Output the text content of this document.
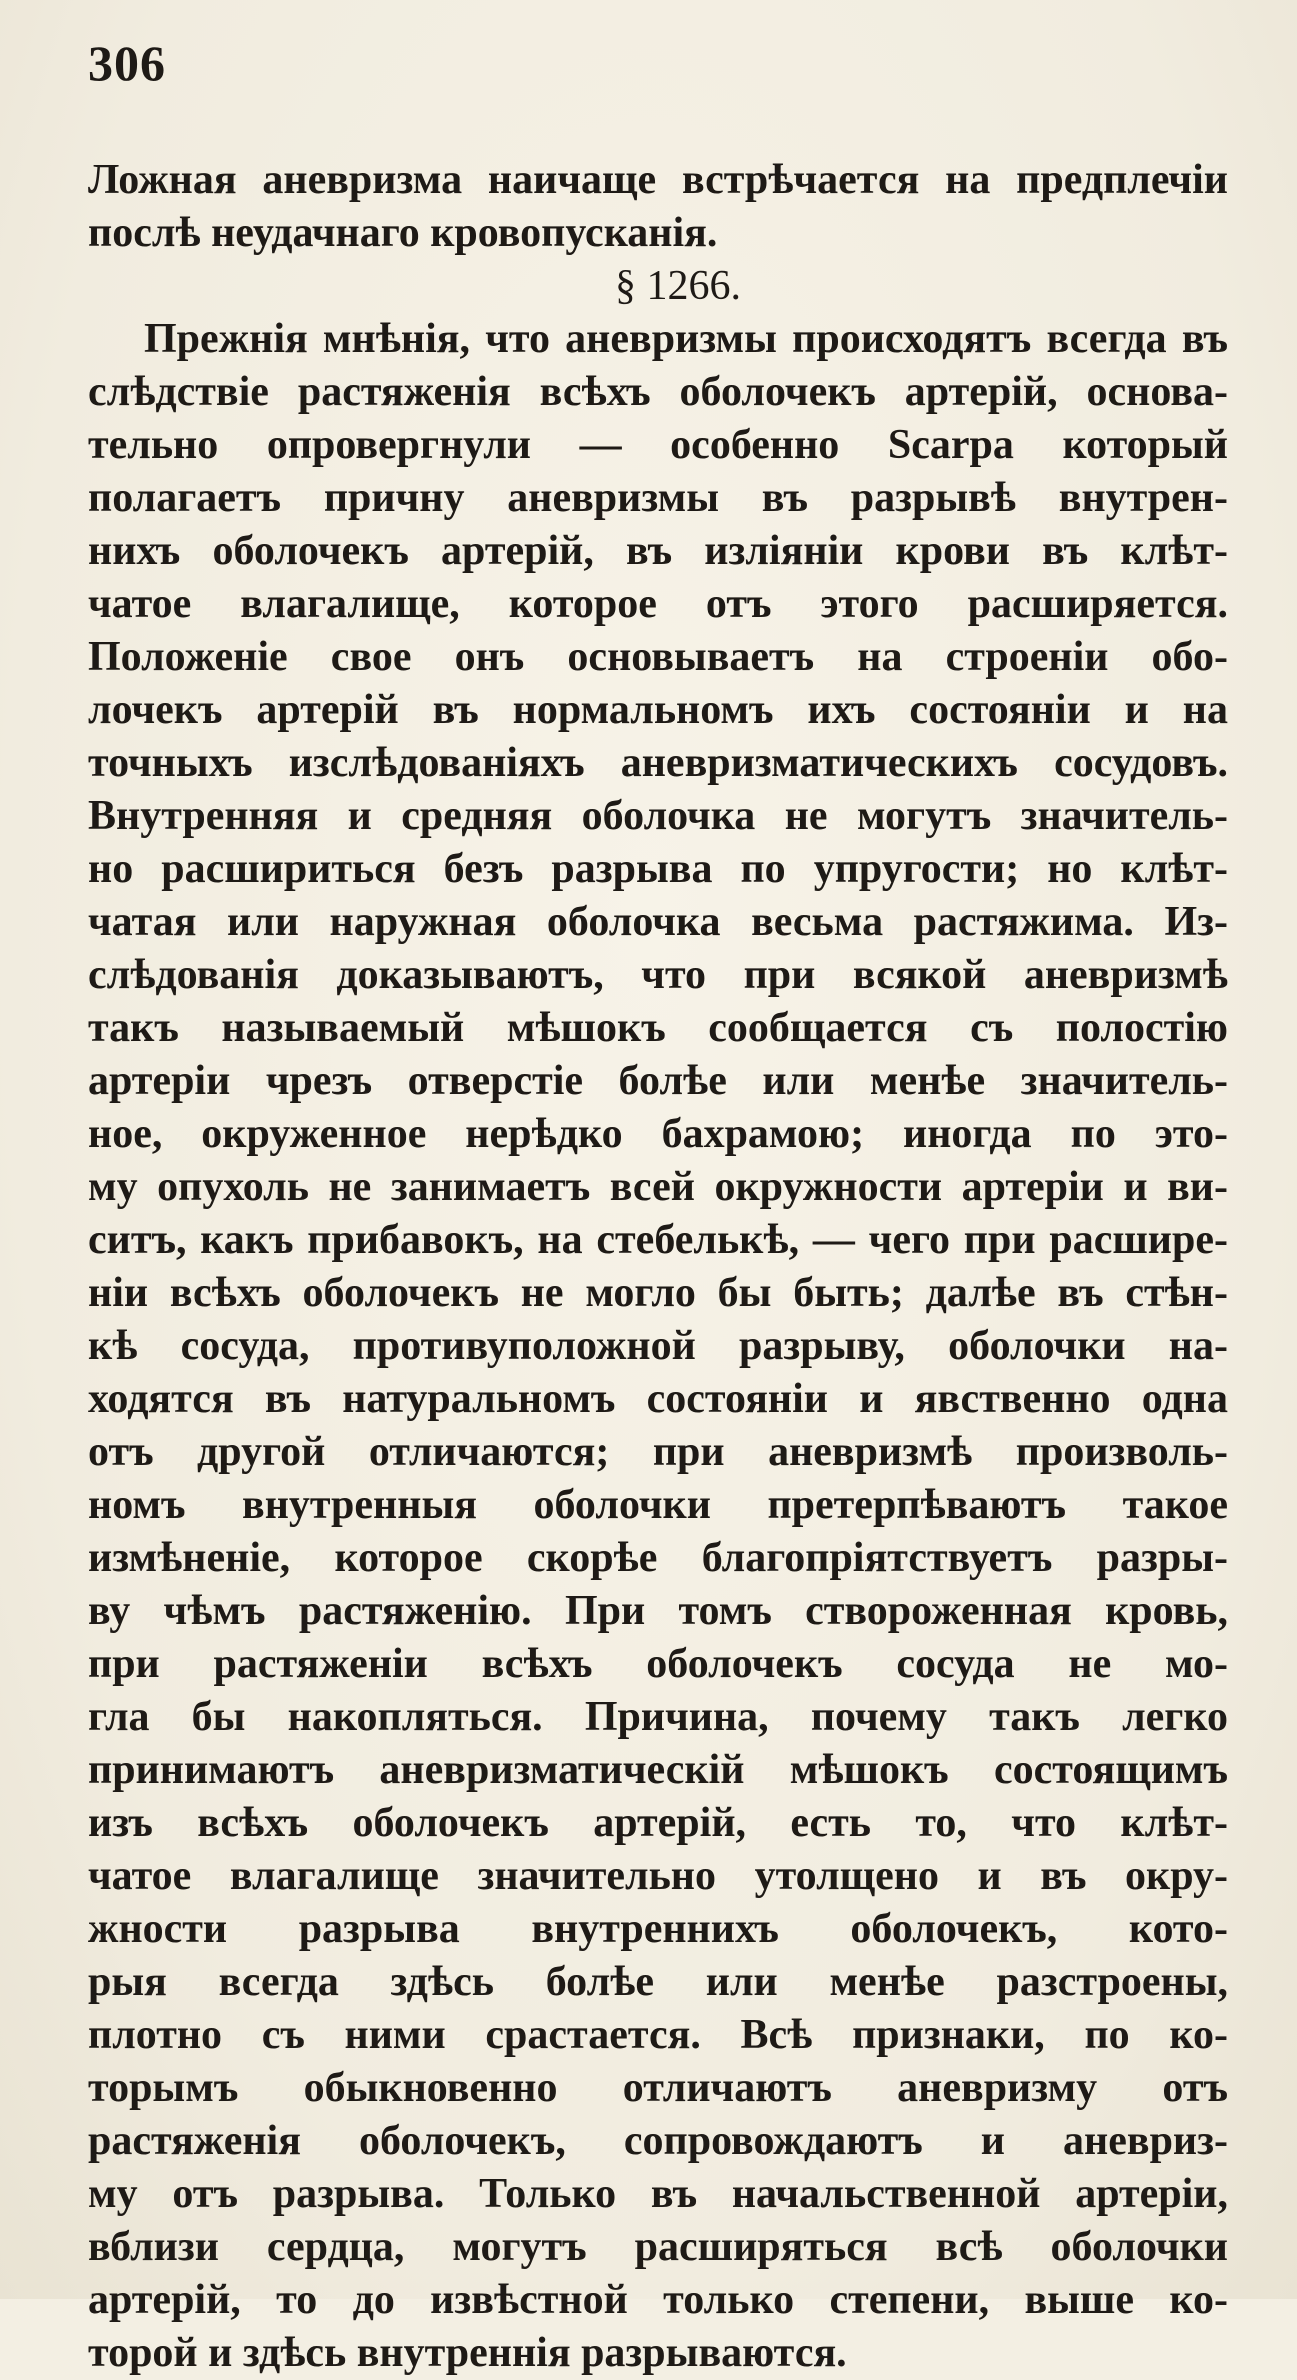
306
Ложная аневризма наичаще встрѣчается на предплечіи
послѣ неудачнаго кровопусканія.
§ 1266.
Прежнія мнѣнія, что аневризмы происходятъ всегда въ
слѣдствіе растяженія всѣхъ оболочекъ артерій, основа-
тельно опровергнули — особенно Scarpa который
полагаетъ причну аневризмы въ разрывѣ внутрен-
нихъ оболочекъ артерій, въ изліяніи крови въ клѣт-
чатое влагалище, которое отъ этого расширяется.
Положеніе свое онъ основываетъ на строеніи обо-
лочекъ артерій въ нормальномъ ихъ состояніи и на
точныхъ изслѣдованіяхъ аневризматическихъ сосудовъ.
Внутренняя и средняя оболочка не могутъ значитель-
но расшириться безъ разрыва по упругости; но клѣт-
чатая или наружная оболочка весьма растяжима. Из-
слѣдованія доказываютъ, что при всякой аневризмѣ
такъ называемый мѣшокъ сообщается съ полостію
артеріи чрезъ отверстіе болѣе или менѣе значитель-
ное, окруженное нерѣдко бахрамою; иногда по это-
му опухоль не занимаетъ всей окружности артеріи и ви-
ситъ, какъ прибавокъ, на стебелькѣ, — чего при расшире-
ніи всѣхъ оболочекъ не могло бы быть; далѣе въ стѣн-
кѣ сосуда, противуположной разрыву, оболочки на-
ходятся въ натуральномъ состояніи и явственно одна
отъ другой отличаются; при аневризмѣ произволь-
номъ внутренныя оболочки претерпѣваютъ такое
измѣненіе, которое скорѣе благопріятствуетъ разры-
ву чѣмъ растяженію. При томъ створоженная кровь,
при растяженіи всѣхъ оболочекъ сосуда не мо-
гла бы накопляться. Причина, почему такъ легко
принимаютъ аневризматическій мѣшокъ состоящимъ
изъ всѣхъ оболочекъ артерій, есть то, что клѣт-
чатое влагалище значительно утолщено и въ окру-
жности разрыва внутреннихъ оболочекъ, кото-
рыя всегда здѣсь болѣе или менѣе разстроены,
плотно съ ними срастается. Всѣ признаки, по ко-
торымъ обыкновенно отличаютъ аневризму отъ
растяженія оболочекъ, сопровождаютъ и аневриз-
му отъ разрыва. Только въ начальственной артеріи,
вблизи сердца, могутъ расширяться всѣ оболочки
артерій, то до извѣстной только степени, выше ко-
торой и здѣсь внутреннія разрываются.
